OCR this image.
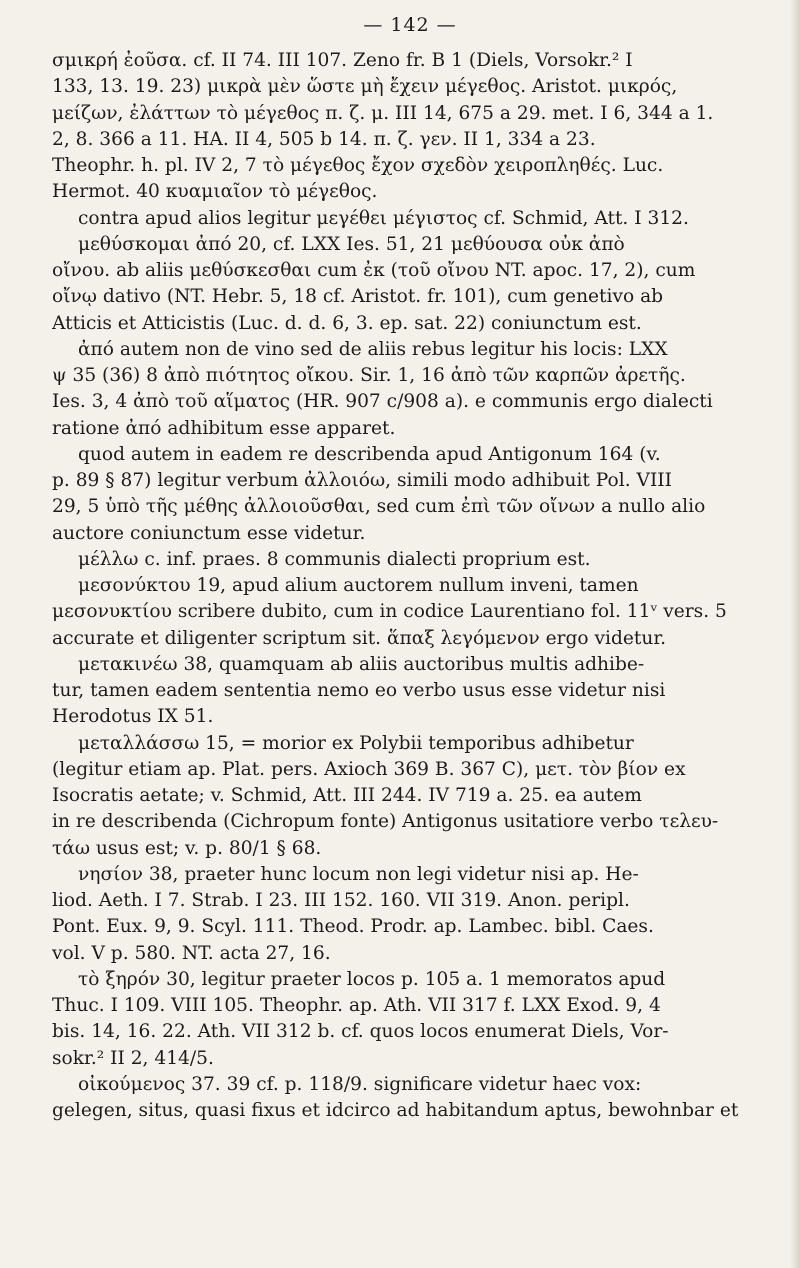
— 142 —
σμικρή ἐοῦσα. cf. II 74. III 107. Zeno fr. B 1 (Diels, Vorsokr.² I
133, 13. 19. 23) μικρὰ μὲν ὥστε μὴ ἔχειν μέγεθος. Aristot. μικρός,
μείζων, ἐλάττων τὸ μέγεθος π. ζ. μ. III 14, 675 a 29. met. I 6, 344 a 1.
2, 8. 366 a 11. HA. II 4, 505 b 14. π. ζ. γεν. II 1, 334 a 23.
Theophr. h. pl. IV 2, 7 τὸ μέγεθος ἔχον σχεδὸν χειροπληθές. Luc.
Hermot. 40 κυαμιαῖον τὸ μέγεθος.
contra apud alios legitur μεγέθει μέγιστος cf. Schmid, Att. I 312.
μεθύσκομαι ἀπό 20, cf. LXX Ies. 51, 21 μεθύουσα οὐκ ἀπὸ
οἴνου. ab aliis μεθύσκεσθαι cum ἐκ (τοῦ οἴνου NT. apoc. 17, 2), cum
οἴνῳ dativo (NT. Hebr. 5, 18 cf. Aristot. fr. 101), cum genetivo ab
Atticis et Atticistis (Luc. d. d. 6, 3. ep. sat. 22) coniunctum est.
ἀπό autem non de vino sed de aliis rebus legitur his locis: LXX
ψ 35 (36) 8 ἀπὸ πιότητος οἴκου. Sir. 1, 16 ἀπὸ τῶν καρπῶν ἀρετῆς.
Ies. 3, 4 ἀπὸ τοῦ αἵματος (HR. 907 c/908 a). e communis ergo dialecti
ratione ἀπό adhibitum esse apparet.
quod autem in eadem re describenda apud Antigonum 164 (v.
p. 89 § 87) legitur verbum ἀλλοιόω, simili modo adhibuit Pol. VIII
29, 5 ὑπὸ τῆς μέθης ἀλλοιοῦσθαι, sed cum ἐπὶ τῶν οἴνων a nullo alio
auctore coniunctum esse videtur.
μέλλω c. inf. praes. 8 communis dialecti proprium est.
μεσονύκτου 19, apud alium auctorem nullum inveni, tamen
μεσονυκτίου scribere dubito, cum in codice Laurentiano fol. 11ᵛ vers. 5
accurate et diligenter scriptum sit. ἅπαξ λεγόμενον ergo videtur.
μετακινέω 38, quamquam ab aliis auctoribus multis adhibe-
tur, tamen eadem sententia nemo eo verbo usus esse videtur nisi
Herodotus IX 51.
μεταλλάσσω 15, = morior ex Polybii temporibus adhibetur
(legitur etiam ap. Plat. pers. Axioch 369 B. 367 C), μετ. τὸν βίον ex
Isocratis aetate; v. Schmid, Att. III 244. IV 719 a. 25. ea autem
in re describenda (Cichropum fonte) Antigonus usitatiore verbo τελευ-
τάω usus est; v. p. 80/1 § 68.
νησίον 38, praeter hunc locum non legi videtur nisi ap. He-
liod. Aeth. I 7. Strab. I 23. III 152. 160. VII 319. Anon. peripl.
Pont. Eux. 9, 9. Scyl. 111. Theod. Prodr. ap. Lambec. bibl. Caes.
vol. V p. 580. NT. acta 27, 16.
τὸ ξηρόν 30, legitur praeter locos p. 105 a. 1 memoratos apud
Thuc. I 109. VIII 105. Theophr. ap. Ath. VII 317 f. LXX Exod. 9, 4
bis. 14, 16. 22. Ath. VII 312 b. cf. quos locos enumerat Diels, Vor-
sokr.² II 2, 414/5.
οἰκούμενος 37. 39 cf. p. 118/9. significare videtur haec vox:
gelegen, situs, quasi fixus et idcirco ad habitandum aptus, bewohnbar et
